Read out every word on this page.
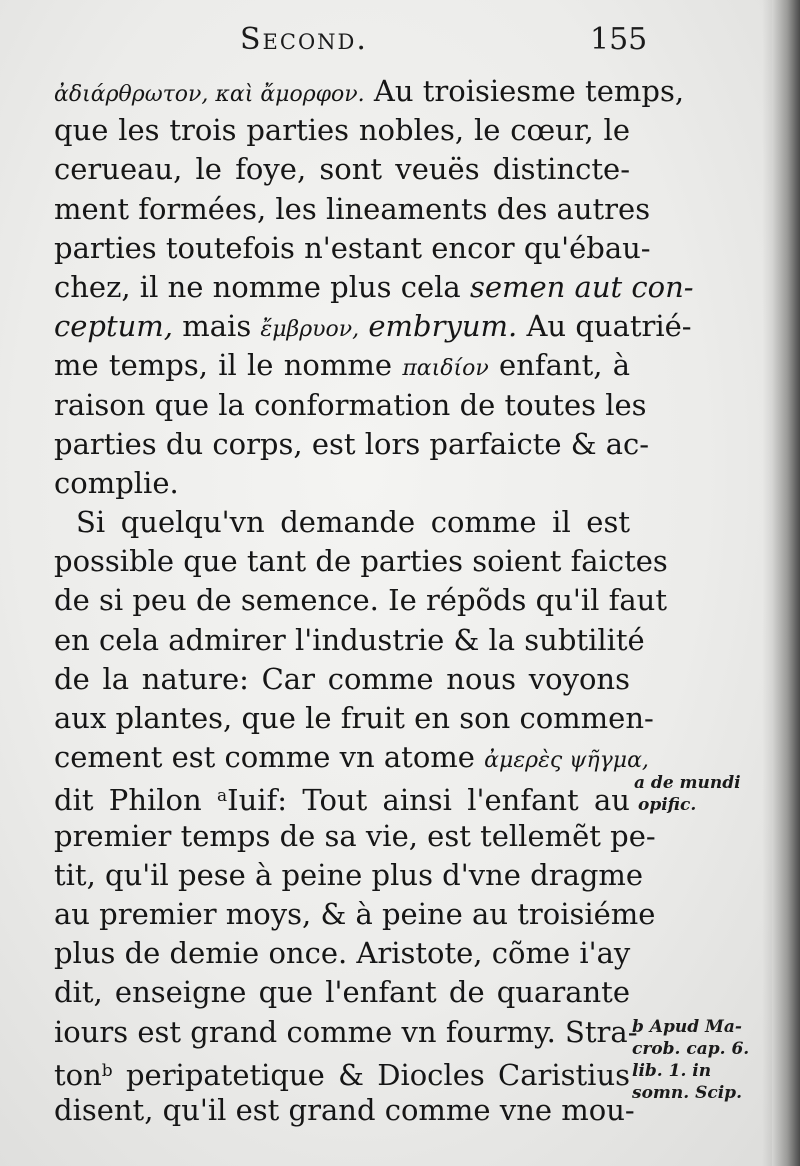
Second.	155
ἀδιάρθρωτον, καὶ ἄμορφον. Au troisiesme temps,
que les trois parties nobles, le cœur, le
cerueau, le foye, sont veuës distincte-
ment formées, les lineaments des autres
parties toutefois n'estant encor qu'ébau-
chez, il ne nomme plus cela semen aut con-
ceptum, mais ἔμβρυον, embryum. Au quatrié-
me temps, il le nomme παιδίον enfant, à
raison que la conformation de toutes les
parties du corps, est lors parfaicte & ac-
complie.
Si quelqu'vn demande comme il est
possible que tant de parties soient faictes
de si peu de semence. Ie répõds qu'il faut
en cela admirer l'industrie & la subtilité
de la nature: Car comme nous voyons
aux plantes, que le fruit en son commen-
cement est comme vn atome ἀμερὲς ψῆγμα,
dit Philon $^a$Iuif: Tout ainsi l'enfant au
premier temps de sa vie, est tellemẽt pe-
tit, qu'il pese à peine plus d'vne dragme
au premier moys, & à peine au troisiéme
plus de demie once. Aristote, cõme i'ay
dit, enseigne que l'enfant de quarante
iours est grand comme vn fourmy. Stra-
ton$^b$ peripatetique & Diocles Caristius
disent, qu'il est grand comme vne mou-
a de mundi
opific.
b Apud Ma-
crob. cap. 6.
lib. 1. in
somn. Scip.
